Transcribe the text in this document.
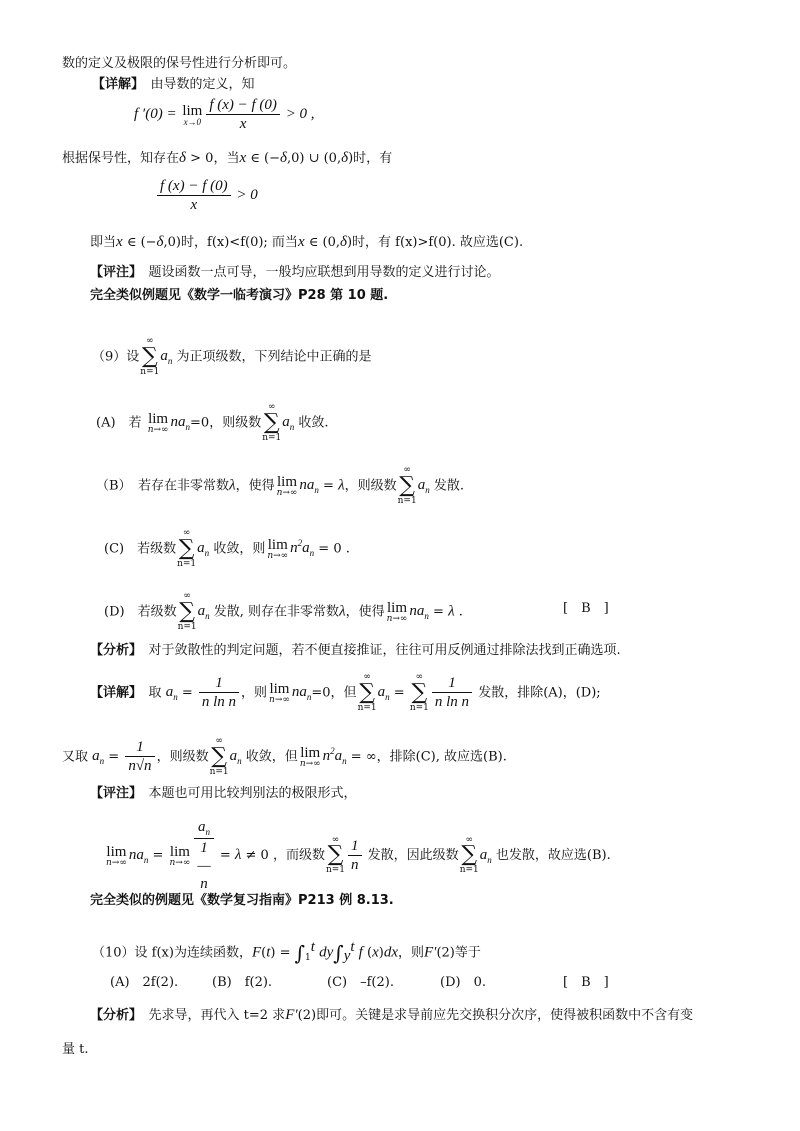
数的定义及极限的保号性进行分析即可。
【详解】　 由导数的定义，知
f ′(0) = lim
$x\to 0 \frac{f (x) - f (0)}{x} > 0$ ,
根据保号性，知存在δ > 0，当x ∈ (−δ,0) ∪ (0,δ)时，有
$\frac{f (x) - f (0)}{x} > 0$
即当x ∈ (−δ,0)时，f(x)<f(0); 而当x ∈ (0,δ)时，有 f(x)>f(0). 故应选(C).
【评注】　 题设函数一点可导，一般均应联想到用导数的定义进行讨论。
完全类似例题见《数学一临考演习》P28 第 10 题.
（9）设
∞
∑
n=1
$a_n$ 为正项级数，下列结论中正确的是
(A)　若 lim
n→∞ $na_n=0$，则级数
∞
∑
n=1
$a_n$ 收敛.
（B）　若存在非零常数λ，使得 lim
n→∞ $na_n = \lambda$，则级数
∞
∑
n=1
$a_n$ 发散.
(C)　若级数
∞
∑
n=1
$a_n$ 收敛，则 lim
n→∞ $n^2a_n = 0$ .
(D)　若级数
∞
∑
n=1
$a_n$ 发散, 则存在非零常数λ，使得 lim
n→∞ $na_n = \lambda$ .	[　B　]
【分析】　 对于敛散性的判定问题，若不便直接推证，往往可用反例通过排除法找到正确选项.
【详解】　 取 $a_n = \frac{1}{\text{n ln n}}$ ，则 lim
n→∞ $na_n=0$，但
∞
∑
n=1
$a_n$ =
∞
∑
$n=1 \frac{1}{\text{n ln n}}$ 发散，排除(A)，(D);
又取 $a_n = \frac{1}{n√n}$ ，则级数
∞
∑
n=1
$a_n$ 收敛，但 lim
n→∞ $n^2a_n$ = ∞，排除(C), 故应选(B).
【评注】　 本题也可用比较判别法的极限形式，
lim
n→∞ $na_n = \lim$
n→∞
$a_n$
1
—
n
= λ ≠ 0 ，而级数
∞
∑
$n=1 \frac{1}{n}$ 发散，因此级数
∞
∑
n=1
$a_n$ 也发散，故应选(B).
完全类似的例题见《数学复习指南》P213 例 8.13.
（10）设 f(x)为连续函数，$F(t) = \int_1^t$ $dy\int_y^t$ f (x)dx，则F′(2)等于
(A)　2f(2).	(B)　f(2).	(C)　–f(2).	(D)　0.	[　B　]
【分析】　 先求导，再代入 t=2 求F′(2)即可。关键是求导前应先交换积分次序，使得被积函数中不含有变
量 t.
